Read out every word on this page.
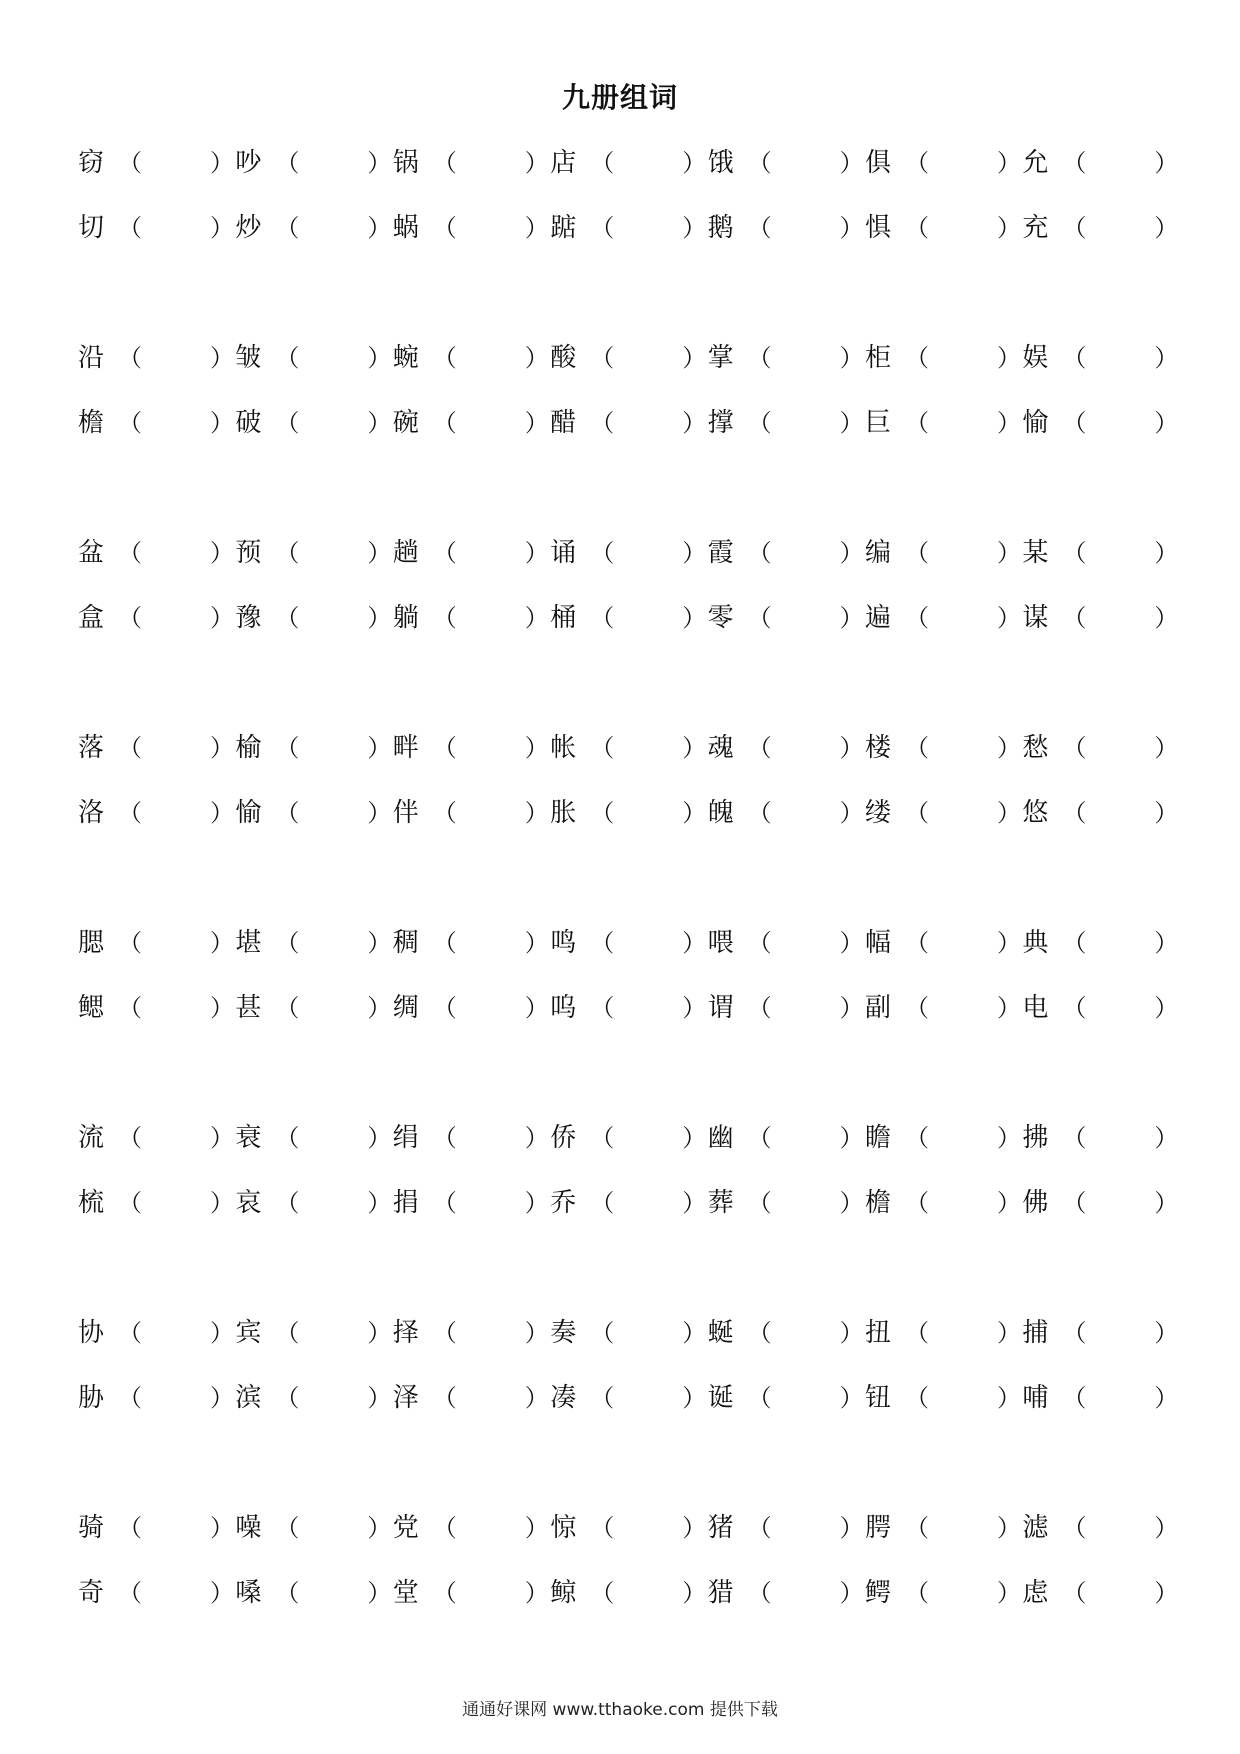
九册组词
窃 （	） 吵 （	） 锅 （	） 店 （	） 饿 （	） 俱 （	） 允 （	）
切 （	） 炒 （	） 蜗 （	） 踮 （	） 鹅 （	） 惧 （	） 充 （	）
沿 （	） 皱 （	） 蜿 （	） 酸 （	） 掌 （	） 柜 （	） 娱 （	）
檐 （	） 破 （	） 碗 （	） 醋 （	） 撑 （	） 巨 （	） 愉 （	）
盆 （	） 预 （	） 趟 （	） 诵 （	） 霞 （	） 编 （	） 某 （	）
盒 （	） 豫 （	） 躺 （	） 桶 （	） 零 （	） 遍 （	） 谋 （	）
落 （	） 榆 （	） 畔 （	） 帐 （	） 魂 （	） 楼 （	） 愁 （	）
洛 （	） 愉 （	） 伴 （	） 胀 （	） 魄 （	） 缕 （	） 悠 （	）
腮 （	） 堪 （	） 稠 （	） 鸣 （	） 喂 （	） 幅 （	） 典 （	）
鳃 （	） 甚 （	） 绸 （	） 呜 （	） 谓 （	） 副 （	） 电 （	）
流 （	） 衰 （	） 绢 （	） 侨 （	） 幽 （	） 瞻 （	） 拂 （	）
梳 （	） 哀 （	） 捐 （	） 乔 （	） 葬 （	） 檐 （	） 佛 （	）
协 （	） 宾 （	） 择 （	） 奏 （	） 蜒 （	） 扭 （	） 捕 （	）
胁 （	） 滨 （	） 泽 （	） 凑 （	） 诞 （	） 钮 （	） 哺 （	）
骑 （	） 噪 （	） 党 （	） 惊 （	） 猪 （	） 腭 （	） 滤 （	）
奇 （	） 嗓 （	） 堂 （	） 鲸 （	） 猎 （	） 鳄 （	） 虑 （	）
通通好课网 www.tthaoke.com 提供下载
